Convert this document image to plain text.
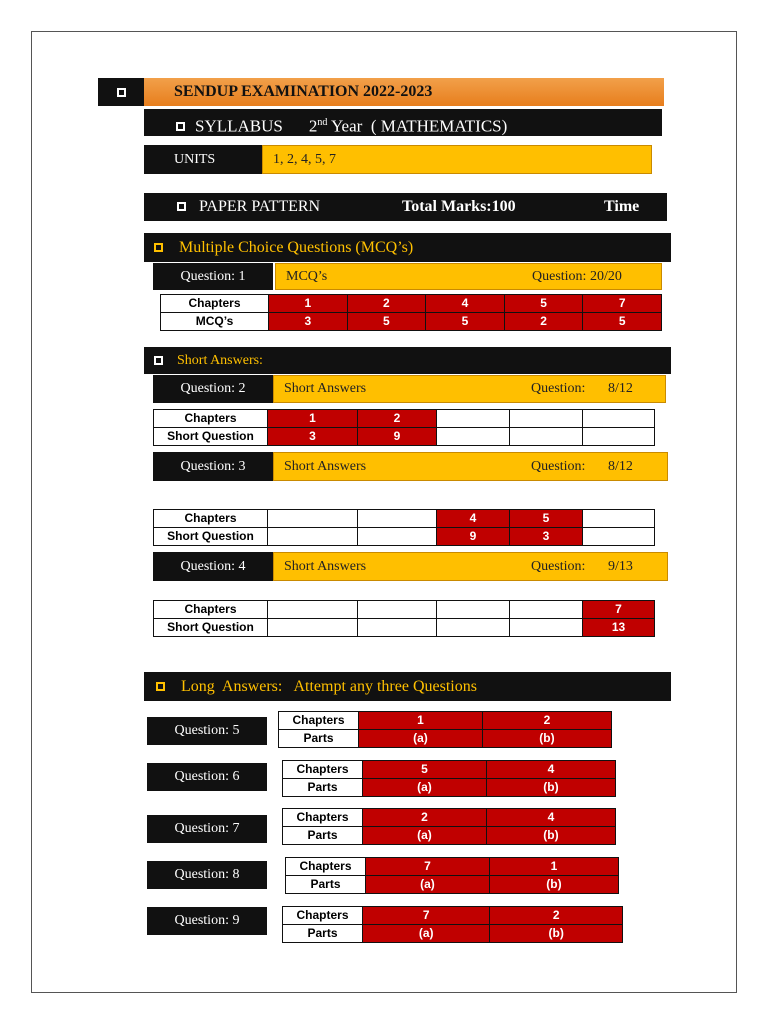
SENDUP EXAMINATION 2022-2023
SYLLABUS 2nd Year ( MATHEMATICS)
UNITS	1, 2, 4, 5, 7
PAPER PATTERN	Total Marks:100	Time
Multiple Choice Questions (MCQ’s)
Question: 1	MCQ’s	Question: 20/20
Chapters	1	2	4	5	7
MCQ’s	3	5	5	2	5
Short Answers:
Question: 2	Short Answers	Question: 8/12
Chapters	1	2			
Short Question	3	9			
Question: 3	Short Answers	Question: 8/12
Chapters			4	5	
Short Question			9	3	
Question: 4	Short Answers	Question: 9/13
Chapters					7
Short Question					13
Long  Answers:   Attempt any three Questions
Question: 5
Chapters	1	2
Parts	(a)	(b)
Question: 6	Chapters	5	4
Parts	(a)	(b)
Question: 7
Chapters	2	4
Parts	(a)	(b)
Question: 8
Chapters	7	1
Parts	(a)	(b)
Question: 9	Chapters	7	2
Parts	(a)	(b)
